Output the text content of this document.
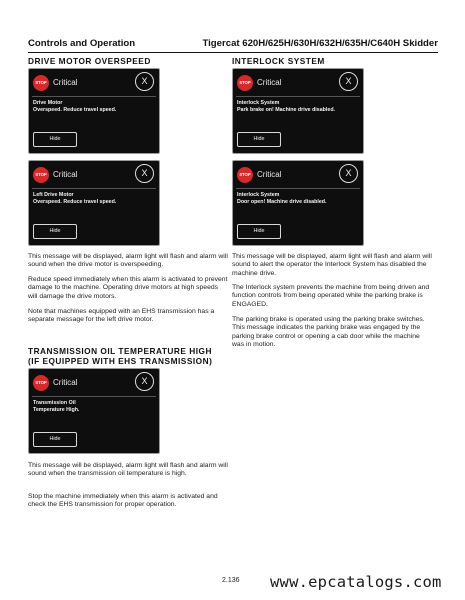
Controls and Operation	Tigercat 620H/625H/630H/632H/635H/C640H Skidder
DRIVE MOTOR OVERSPEED
STOP Critical	X
Drive Motor
Overspeed. Reduce travel speed.
Hide
STOP Critical	X
Left Drive Motor
Overspeed. Reduce travel speed.
Hide
This message will be displayed, alarm light will flash and alarm will sound when the drive motor is overspeeding.
Reduce speed immediately when this alarm is activated to prevent damage to the machine. Operating drive motors at high speeds will damage the drive motors.
Note that machines equipped with an EHS transmission has a separate message for the left drive motor.
TRANSMISSION OIL TEMPERATURE HIGH
(IF EQUIPPED WITH EHS TRANSMISSION)
STOP Critical	X
Transmission Oil
Temperature High.
Hide
This message will be displayed, alarm light will flash and alarm will sound when the transmission oil temperature is high.
Stop the machine immediately when this alarm is activated and check the EHS transmission for proper operation.
INTERLOCK SYSTEM
STOP Critical	X
Interlock System
Park brake on! Machine drive disabled.
Hide
STOP Critical	X
Interlock System
Door open! Machine drive disabled.
Hide
This message will be displayed, alarm light will flash and alarm will sound to alert the operator the Interlock System has disabled the machine drive.
The Interlock system prevents the machine from being driven and function controls from being operated while the parking brake is ENGAGED.
The parking brake is operated using the parking brake switches. This message indicates the parking brake was engaged by the parking brake control or opening a cab door while the machine was in motion.
2.136 www.epcatalogs.com
